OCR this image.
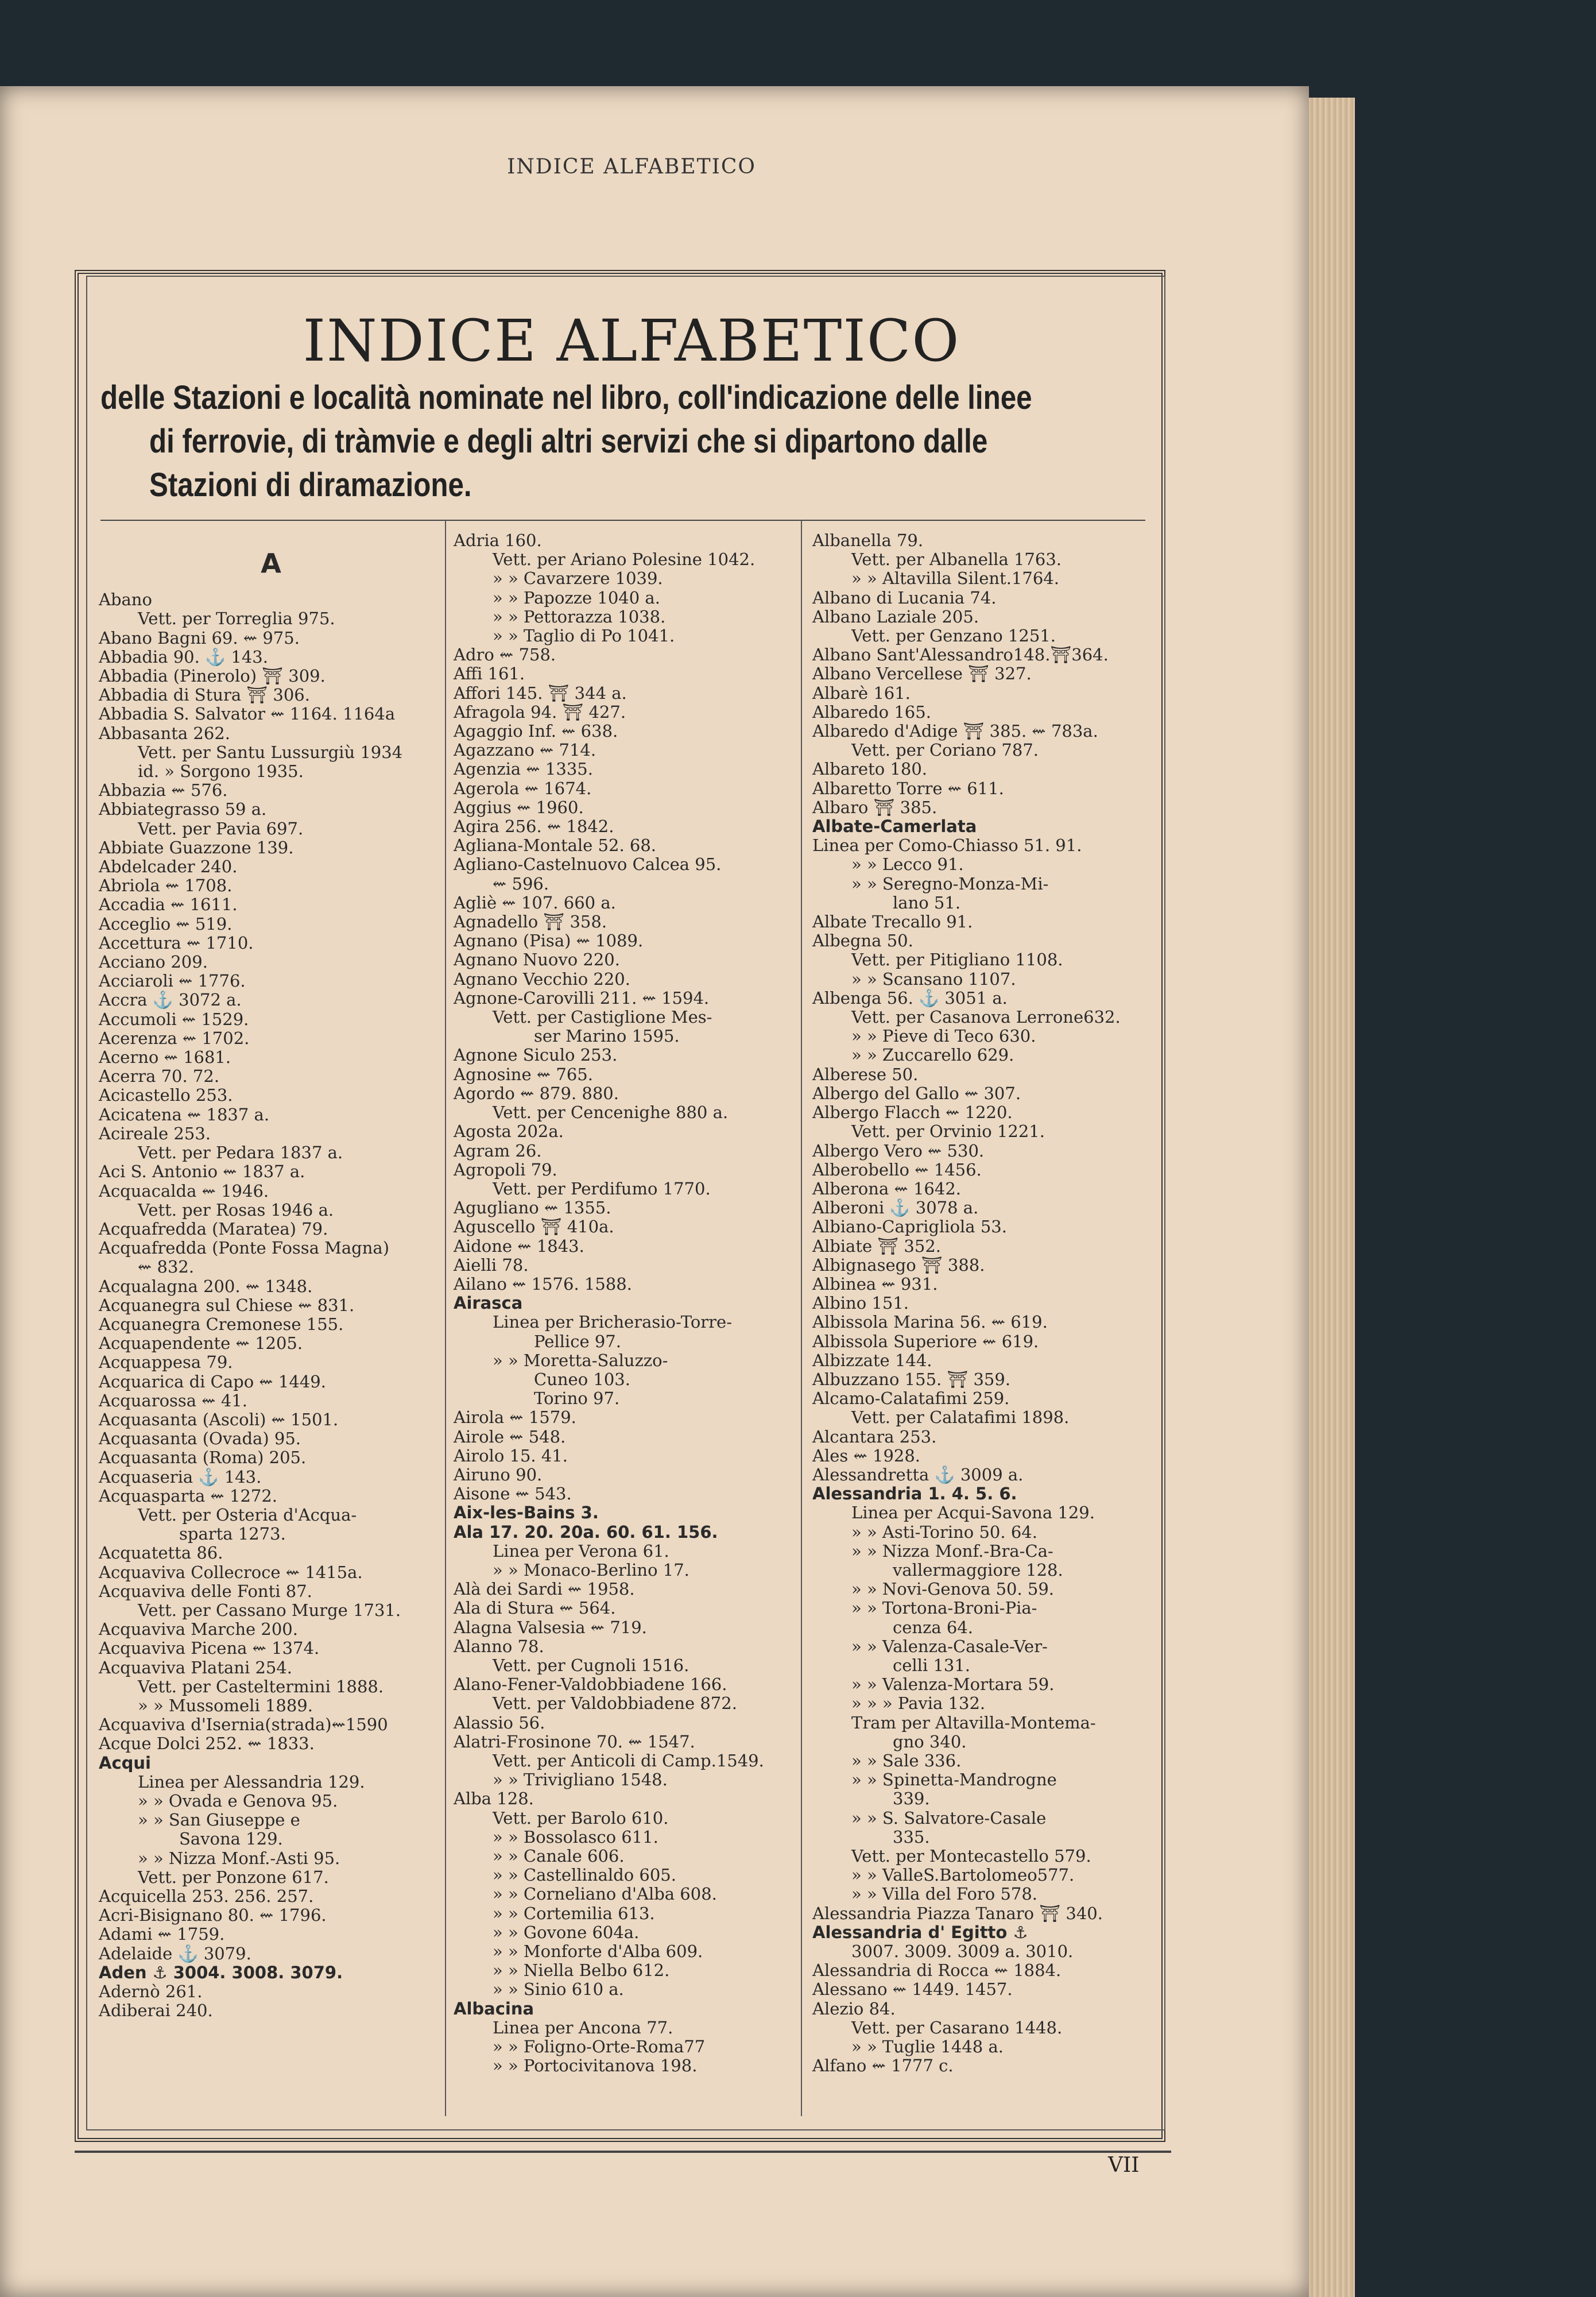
INDICE ALFABETICO
INDICE ALFABETICO
delle Stazioni e località nominate nel libro, coll'indicazione delle linee
di ferrovie, di tràmvie e degli altri servizi che si dipartono dalle
Stazioni di diramazione.
A
Abano
Vett. per Torreglia 975.
Abano Bagni 69. ⇜ 975.
Abbadia 90. ⚓ 143.
Abbadia (Pinerolo) ⛩ 309.
Abbadia di Stura ⛩ 306.
Abbadia S. Salvator ⇜ 1164. 1164a
Abbasanta 262.
Vett. per Santu Lussurgiù 1934
id. » Sorgono 1935.
Abbazia ⇜ 576.
Abbiategrasso 59 a.
Vett. per Pavia 697.
Abbiate Guazzone 139.
Abdelcader 240.
Abriola ⇜ 1708.
Accadia ⇜ 1611.
Acceglio ⇜ 519.
Accettura ⇜ 1710.
Acciano 209.
Acciaroli ⇜ 1776.
Accra ⚓ 3072 a.
Accumoli ⇜ 1529.
Acerenza ⇜ 1702.
Acerno ⇜ 1681.
Acerra 70. 72.
Acicastello 253.
Acicatena ⇜ 1837 a.
Acireale 253.
Vett. per Pedara 1837 a.
Aci S. Antonio ⇜ 1837 a.
Acquacalda ⇜ 1946.
Vett. per Rosas 1946 a.
Acquafredda (Maratea) 79.
Acquafredda (Ponte Fossa Magna)
⇜ 832.
Acqualagna 200. ⇜ 1348.
Acquanegra sul Chiese ⇜ 831.
Acquanegra Cremonese 155.
Acquapendente ⇜ 1205.
Acquappesa 79.
Acquarica di Capo ⇜ 1449.
Acquarossa ⇜ 41.
Acquasanta (Ascoli) ⇜ 1501.
Acquasanta (Ovada) 95.
Acquasanta (Roma) 205.
Acquaseria ⚓ 143.
Acquasparta ⇜ 1272.
Vett. per Osteria d'Acqua-
sparta 1273.
Acquatetta 86.
Acquaviva Collecroce ⇜ 1415a.
Acquaviva delle Fonti 87.
Vett. per Cassano Murge 1731.
Acquaviva Marche 200.
Acquaviva Picena ⇜ 1374.
Acquaviva Platani 254.
Vett. per Casteltermini 1888.
» » Mussomeli 1889.
Acquaviva d'Isernia(strada)⇜1590
Acque Dolci 252. ⇜ 1833.
Acqui
Linea per Alessandria 129.
» » Ovada e Genova 95.
» » San Giuseppe e
Savona 129.
» » Nizza Monf.-Asti 95.
Vett. per Ponzone 617.
Acquicella 253. 256. 257.
Acri-Bisignano 80. ⇜ 1796.
Adami ⇜ 1759.
Adelaide ⚓ 3079.
Aden ⚓ 3004. 3008. 3079.
Adernò 261.
Adiberai 240.
Adria 160.
Vett. per Ariano Polesine 1042.
» » Cavarzere 1039.
» » Papozze 1040 a.
» » Pettorazza 1038.
» » Taglio di Po 1041.
Adro ⇜ 758.
Affi 161.
Affori 145. ⛩ 344 a.
Afragola 94. ⛩ 427.
Agaggio Inf. ⇜ 638.
Agazzano ⇜ 714.
Agenzia ⇜ 1335.
Agerola ⇜ 1674.
Aggius ⇜ 1960.
Agira 256. ⇜ 1842.
Agliana-Montale 52. 68.
Agliano-Castelnuovo Calcea 95.
⇜ 596.
Agliè ⇜ 107. 660 a.
Agnadello ⛩ 358.
Agnano (Pisa) ⇜ 1089.
Agnano Nuovo 220.
Agnano Vecchio 220.
Agnone-Carovilli 211. ⇜ 1594.
Vett. per Castiglione Mes-
ser Marino 1595.
Agnone Siculo 253.
Agnosine ⇜ 765.
Agordo ⇜ 879. 880.
Vett. per Cencenighe 880 a.
Agosta 202a.
Agram 26.
Agropoli 79.
Vett. per Perdifumo 1770.
Agugliano ⇜ 1355.
Aguscello ⛩ 410a.
Aidone ⇜ 1843.
Aielli 78.
Ailano ⇜ 1576. 1588.
Airasca
Linea per Bricherasio-Torre-
Pellice 97.
» » Moretta-Saluzzo-
Cuneo 103.
Torino 97.
Airola ⇜ 1579.
Airole ⇜ 548.
Airolo 15. 41.
Airuno 90.
Aisone ⇜ 543.
Aix-les-Bains 3.
Ala 17. 20. 20a. 60. 61. 156.
Linea per Verona 61.
» » Monaco-Berlino 17.
Alà dei Sardi ⇜ 1958.
Ala di Stura ⇜ 564.
Alagna Valsesia ⇜ 719.
Alanno 78.
Vett. per Cugnoli 1516.
Alano-Fener-Valdobbiadene 166.
Vett. per Valdobbiadene 872.
Alassio 56.
Alatri-Frosinone 70. ⇜ 1547.
Vett. per Anticoli di Camp.1549.
» » Trivigliano 1548.
Alba 128.
Vett. per Barolo 610.
» » Bossolasco 611.
» » Canale 606.
» » Castellinaldo 605.
» » Corneliano d'Alba 608.
» » Cortemilia 613.
» » Govone 604a.
» » Monforte d'Alba 609.
» » Niella Belbo 612.
» » Sinio 610 a.
Albacina
Linea per Ancona 77.
» » Foligno-Orte-Roma77
» » Portocivitanova 198.
Albanella 79.
Vett. per Albanella 1763.
» » Altavilla Silent.1764.
Albano di Lucania 74.
Albano Laziale 205.
Vett. per Genzano 1251.
Albano Sant'Alessandro148.⛩364.
Albano Vercellese ⛩ 327.
Albarè 161.
Albaredo 165.
Albaredo d'Adige ⛩ 385. ⇜ 783a.
Vett. per Coriano 787.
Albareto 180.
Albaretto Torre ⇜ 611.
Albaro ⛩ 385.
Albate-Camerlata
Linea per Como-Chiasso 51. 91.
» » Lecco 91.
» » Seregno-Monza-Mi-
lano 51.
Albate Trecallo 91.
Albegna 50.
Vett. per Pitigliano 1108.
» » Scansano 1107.
Albenga 56. ⚓ 3051 a.
Vett. per Casanova Lerrone632.
» » Pieve di Teco 630.
» » Zuccarello 629.
Alberese 50.
Albergo del Gallo ⇜ 307.
Albergo Flacch ⇜ 1220.
Vett. per Orvinio 1221.
Albergo Vero ⇜ 530.
Alberobello ⇜ 1456.
Alberona ⇜ 1642.
Alberoni ⚓ 3078 a.
Albiano-Caprigliola 53.
Albiate ⛩ 352.
Albignasego ⛩ 388.
Albinea ⇜ 931.
Albino 151.
Albissola Marina 56. ⇜ 619.
Albissola Superiore ⇜ 619.
Albizzate 144.
Albuzzano 155. ⛩ 359.
Alcamo-Calatafimi 259.
Vett. per Calatafimi 1898.
Alcantara 253.
Ales ⇜ 1928.
Alessandretta ⚓ 3009 a.
Alessandria 1. 4. 5. 6.
Linea per Acqui-Savona 129.
» » Asti-Torino 50. 64.
» » Nizza Monf.-Bra-Ca-
vallermaggiore 128.
» » Novi-Genova 50. 59.
» » Tortona-Broni-Pia-
cenza 64.
» » Valenza-Casale-Ver-
celli 131.
» » Valenza-Mortara 59.
» » » Pavia 132.
Tram per Altavilla-Montema-
gno 340.
» » Sale 336.
» » Spinetta-Mandrogne
339.
» » S. Salvatore-Casale
335.
Vett. per Montecastello 579.
» » ValleS.Bartolomeo577.
» » Villa del Foro 578.
Alessandria Piazza Tanaro ⛩ 340.
Alessandria d' Egitto ⚓
3007. 3009. 3009 a. 3010.
Alessandria di Rocca ⇜ 1884.
Alessano ⇜ 1449. 1457.
Alezio 84.
Vett. per Casarano 1448.
» » Tuglie 1448 a.
Alfano ⇜ 1777 c.
VII
